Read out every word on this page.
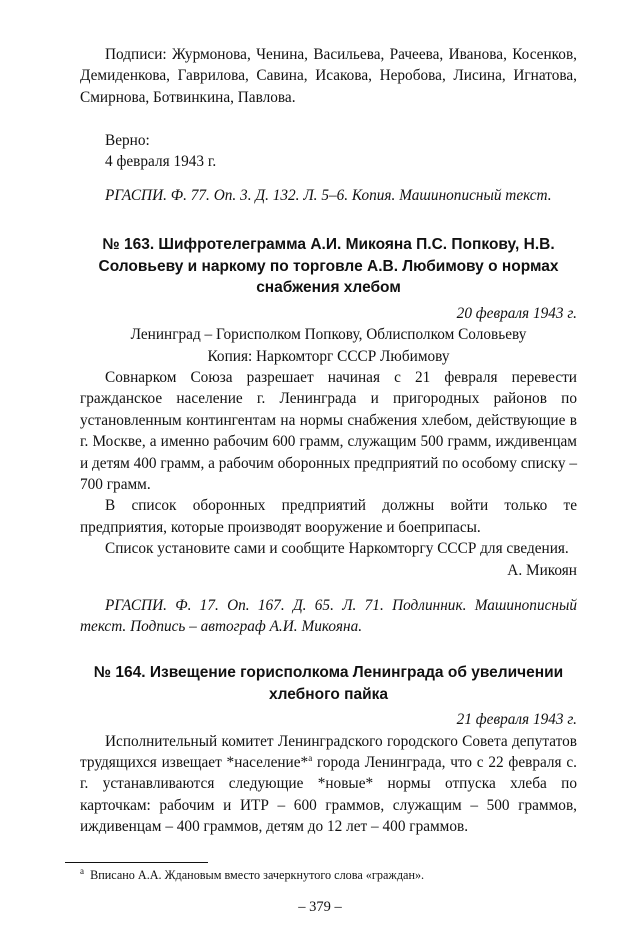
Подписи: Журмонова, Ченина, Васильева, Рачеева, Иванова, Косенков, Демиденкова, Гаврилова, Савина, Исакова, Неробова, Лисина, Игнатова, Смирнова, Ботвинкина, Павлова.

Верно:
4 февраля 1943 г.

РГАСПИ. Ф. 77. Оп. 3. Д. 132. Л. 5–6. Копия. Машинописный текст.

№ 163. Шифротелеграмма А.И. Микояна П.С. Попкову, Н.В. Соловьеву и наркому по торговле А.В. Любимову о нормах снабжения хлебом
20 февраля 1943 г.
Ленинград – Горисполком Попкову, Облисполком Соловьеву
Копия: Наркомторг СССР Любимову

Совнарком Союза разрешает начиная с 21 февраля перевести гражданское население г. Ленинграда и пригородных районов по установленным контингентам на нормы снабжения хлебом, действующие в г. Москве, а именно рабочим 600 грамм, служащим 500 грамм, иждивенцам и детям 400 грамм, а рабочим оборонных предприятий по особому списку – 700 грамм.

В список оборонных предприятий должны войти только те предприятия, которые производят вооружение и боеприпасы.

Список установите сами и сообщите Наркомторгу СССР для сведения.

А. Микоян

РГАСПИ. Ф. 17. Оп. 167. Д. 65. Л. 71. Подлинник. Машинописный текст. Подпись – автограф А.И. Микояна.

№ 164. Извещение горисполкома Ленинграда об увеличении хлебного пайка
21 февраля 1943 г.

Исполнительный комитет Ленинградского городского Совета депутатов трудящихся извещает *население*$^а$ города Ленинграда, что с 22 февраля с. г. устанавливаются следующие *новые* нормы отпуска хлеба по карточкам: рабочим и ИТР – 600 граммов, служащим – 500 граммов, иждивенцам – 400 граммов, детям до 12 лет – 400 граммов.

$^а$ Вписано А.А. Ждановым вместо зачеркнутого слова «граждан».

– 379 –
